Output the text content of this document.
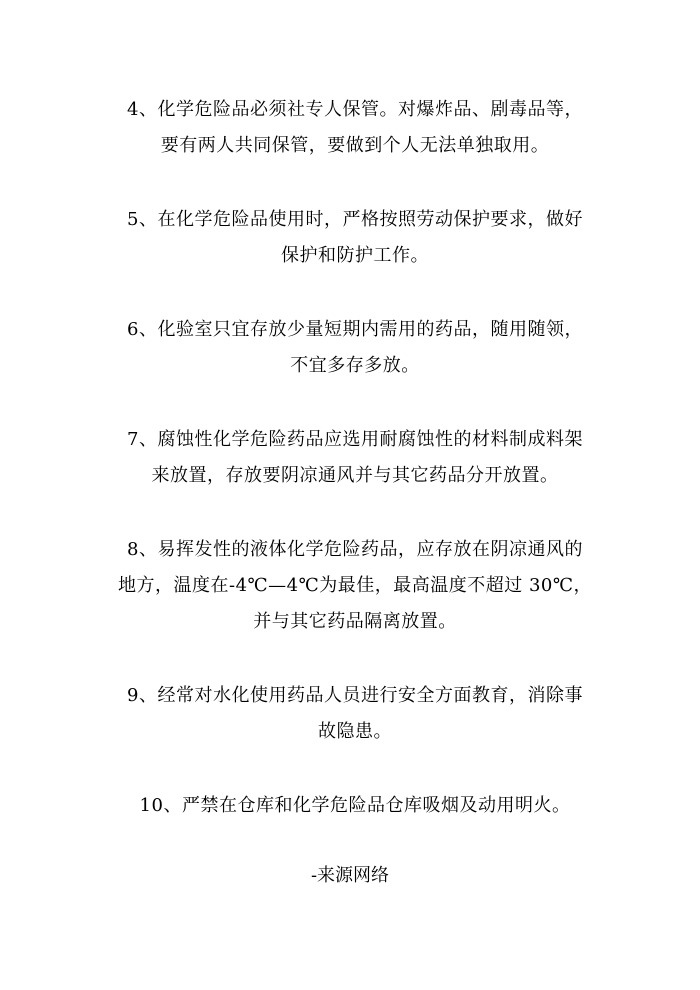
4、化学危险品必须社专人保管。对爆炸品、剧毒品等，
要有两人共同保管，要做到个人无法单独取用。
5、在化学危险品使用时，严格按照劳动保护要求，做好
保护和防护工作。
6、化验室只宜存放少量短期内需用的药品，随用随领，
不宜多存多放。
7、腐蚀性化学危险药品应选用耐腐蚀性的材料制成料架
来放置，存放要阴凉通风并与其它药品分开放置。
8、易挥发性的液体化学危险药品，应存放在阴凉通风的
地方，温度在-4℃—4℃为最佳，最高温度不超过 30℃，
并与其它药品隔离放置。
9、经常对水化使用药品人员进行安全方面教育，消除事
故隐患。
10、严禁在仓库和化学危险品仓库吸烟及动用明火。
-来源网络
